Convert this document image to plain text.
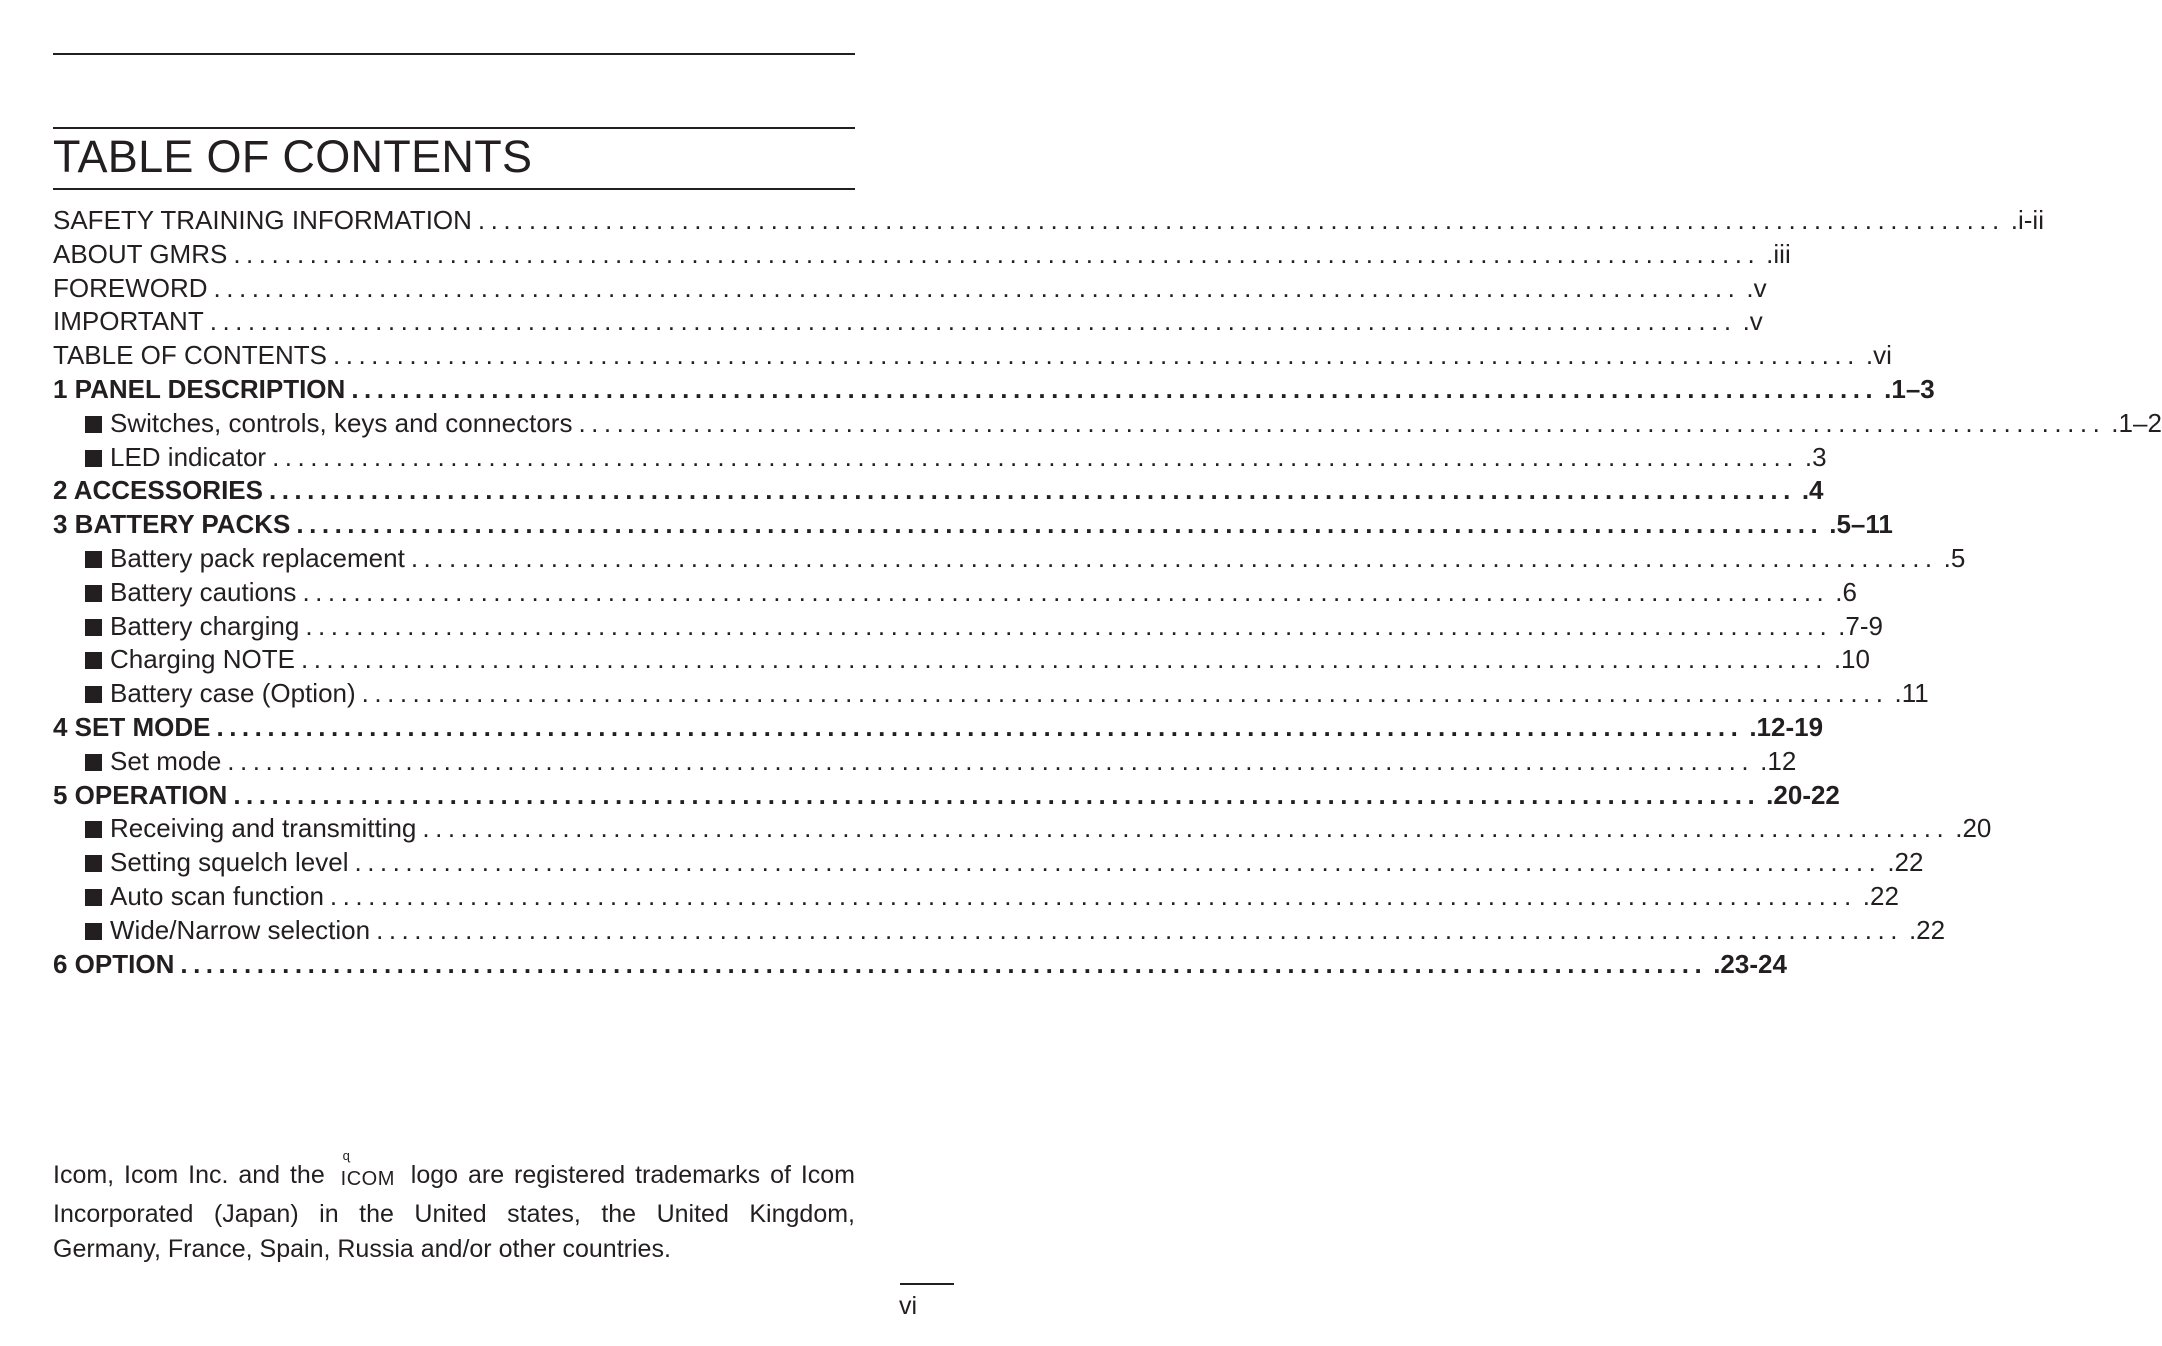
TABLE OF CONTENTS
SAFETY TRAINING INFORMATION ........................................................................................................................ .i-ii
ABOUT GMRS ........................................................................................................................ .iii
FOREWORD ........................................................................................................................ .v
IMPORTANT ........................................................................................................................ .v
TABLE OF CONTENTS ........................................................................................................................ .vi
1 PANEL DESCRIPTION ........................................................................................................................ .1–3
Switches, controls, keys and connectors ........................................................................................................................ .1–2
LED indicator ........................................................................................................................ .3
2 ACCESSORIES ........................................................................................................................ .4
3 BATTERY PACKS ........................................................................................................................ .5–11
Battery pack replacement ........................................................................................................................ .5
Battery cautions ........................................................................................................................ .6
Battery charging ........................................................................................................................ .7-9
Charging NOTE ........................................................................................................................ .10
Battery case (Option) ........................................................................................................................ .11
4 SET MODE ........................................................................................................................ .12-19
Set mode ........................................................................................................................ .12
5 OPERATION ........................................................................................................................ .20-22
Receiving and transmitting ........................................................................................................................ .20
Setting squelch level ........................................................................................................................ .22
Auto scan function ........................................................................................................................ .22
Wide/Narrow selection ........................................................................................................................ .22
6 OPTION ........................................................................................................................ .23-24
Icom, Icom Inc. and the
ɋ
ICOM logo are registered trademarks of Icom Incorporated (Japan) in the United states, the United Kingdom, Germany, France, Spain, Russia and/or other countries.
vi
